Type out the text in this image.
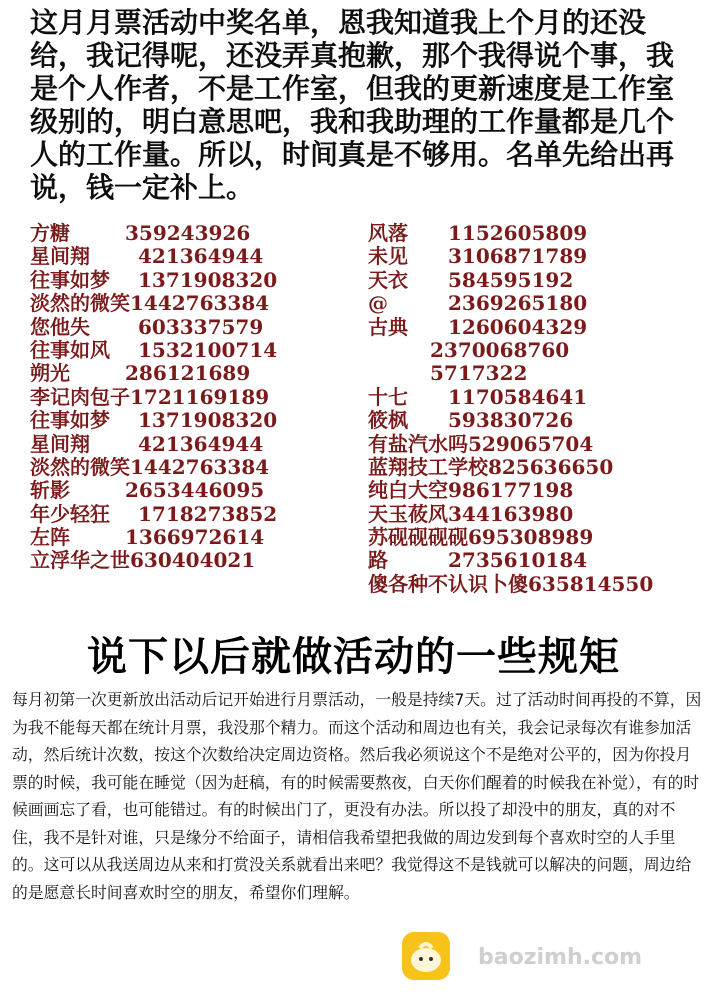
这月月票活动中奖名单，恩我知道我上个月的还没给，我记得呢，还没弄真抱歉，那个我得说个事，我是个人作者，不是工作室，但我的更新速度是工作室级别的，明白意思吧，我和我助理的工作量都是几个人的工作量。所以，时间真是不够用。名单先给出再说，钱一定补上。

方糖	359243926
星间翔	421364944
往事如梦	1371908320
淡然的微笑 1442763384
您他失	603337579
往事如风	1532100714
朔光	286121689
李记肉包子 1721169189
往事如梦	1371908320
星间翔	421364944
淡然的微笑 1442763384
斩影	2653446095
年少轻狂	1718273852
左阵	1366972614
立浮华之世 630404021
风落	1152605809
未见	3106871789
天衣	584595192
@	2369265180
古典	1260604329
2370068760
5717322
十七	1170584641
筱枫	593830726
有盐汽水吗 529065704
蓝翔技工学校 825636650
纯白大空 986177198
天玉莜风 344163980
苏砚砚砚砚 695308989
路	2735610184
傻各种不认识卜傻 635814550
说下以后就做活动的一些规矩

每月初第一次更新放出活动后记开始进行月票活动，一般是持续7天。过了活动时间再投的不算，因为我不能每天都在统计月票，我没那个精力。而这个活动和周边也有关，我会记录每次有谁参加活动，然后统计次数，按这个次数给决定周边资格。然后我必须说这个不是绝对公平的，因为你投月票的时候，我可能在睡觉（因为赶稿，有的时候需要熬夜，白天你们醒着的时候我在补觉），有的时候画画忘了看，也可能错过。有的时候出门了，更没有办法。所以投了却没中的朋友，真的对不住，我不是针对谁，只是缘分不给面子，请相信我希望把我做的周边发到每个喜欢时空的人手里的。这可以从我送周边从来和打赏没关系就看出来吧？我觉得这不是钱就可以解决的问题，周边给的是愿意长时间喜欢时空的朋友，希望你们理解。

baozimh.com
